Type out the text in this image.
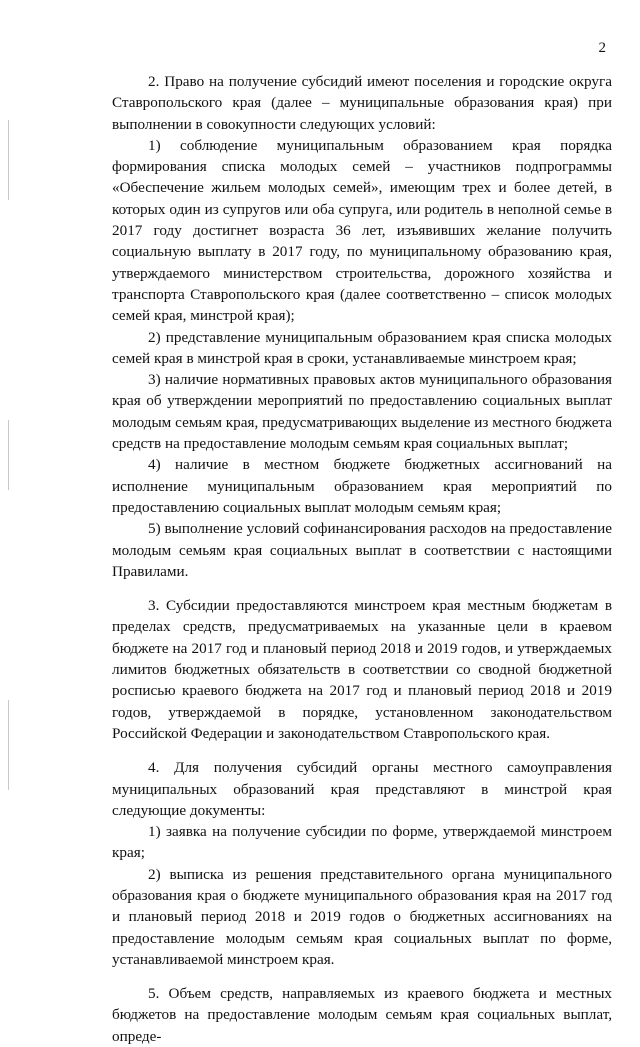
2

2. Право на получение субсидий имеют поселения и городские округа Ставропольского края (далее – муниципальные образования края) при выполнении в совокупности следующих условий:

1) соблюдение муниципальным образованием края порядка формирования списка молодых семей – участников подпрограммы «Обеспечение жильем молодых семей», имеющим трех и более детей, в которых один из супругов или оба супруга, или родитель в неполной семье в 2017 году достигнет возраста 36 лет, изъявивших желание получить социальную выплату в 2017 году, по муниципальному образованию края, утверждаемого министерством строительства, дорожного хозяйства и транспорта Ставропольского края (далее соответственно – список молодых семей края, минстрой края);

2) представление муниципальным образованием края списка молодых семей края в минстрой края в сроки, устанавливаемые минстроем края;

3) наличие нормативных правовых актов муниципального образования края об утверждении мероприятий по предоставлению социальных выплат молодым семьям края, предусматривающих выделение из местного бюджета средств на предоставление молодым семьям края социальных выплат;

4) наличие в местном бюджете бюджетных ассигнований на исполнение муниципальным образованием края мероприятий по предоставлению социальных выплат молодым семьям края;

5) выполнение условий софинансирования расходов на предоставление молодым семьям края социальных выплат в соответствии с настоящими Правилами.

3. Субсидии предоставляются минстроем края местным бюджетам в пределах средств, предусматриваемых на указанные цели в краевом бюджете на 2017 год и плановый период 2018 и 2019 годов, и утверждаемых лимитов бюджетных обязательств в соответствии со сводной бюджетной росписью краевого бюджета на 2017 год и плановый период 2018 и 2019 годов, утверждаемой в порядке, установленном законодательством Российской Федерации и законодательством Ставропольского края.

4. Для получения субсидий органы местного самоуправления муниципальных образований края представляют в минстрой края следующие документы:

1) заявка на получение субсидии по форме, утверждаемой минстроем края;

2) выписка из решения представительного органа муниципального образования края о бюджете муниципального образования края на 2017 год и плановый период 2018 и 2019 годов о бюджетных ассигнованиях на предоставление молодым семьям края социальных выплат по форме, устанавливаемой минстроем края.

5. Объем средств, направляемых из краевого бюджета и местных бюджетов на предоставление молодым семьям края социальных выплат, опреде-
